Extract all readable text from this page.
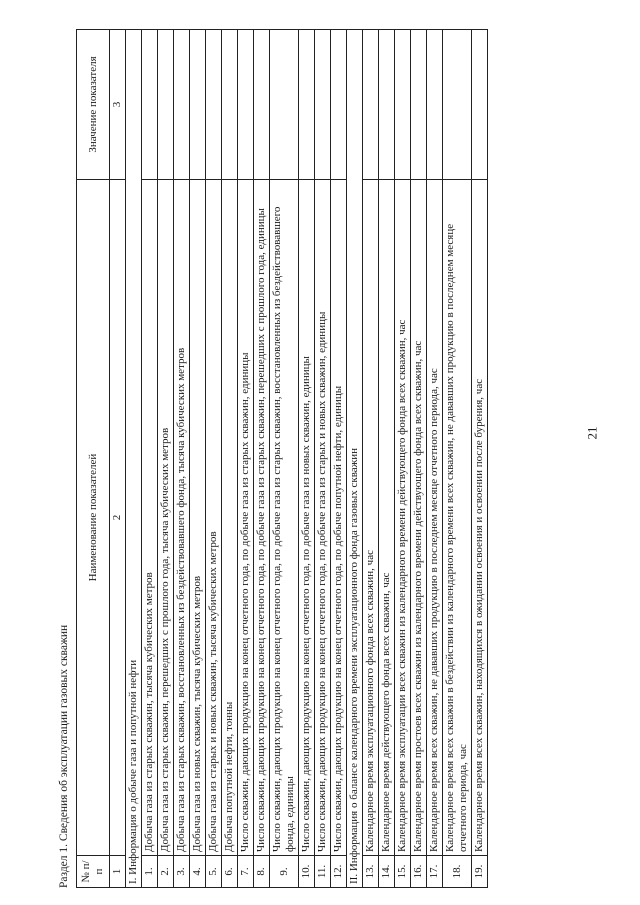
21
Раздел 1. Сведения об эксплуатации газовых скважин № п/п	Наименование показателей	Значение показателя
1	2	3
I. Информация о добыче газа и попутной нефти		
1.	Добыча газа из старых скважин, тысяча кубических метров	
2.	Добыча газа из старых скважин, перешедших с прошлого года, тысяча кубических метров	
3.	Добыча газа из старых скважин, восстановленных из бездействовавшего фонда, тысяча кубических метров	
4.	Добыча газа из новых скважин, тысяча кубических метров	
5.	Добыча газа из старых и новых скважин, тысяча кубических метров	
6.	Добыча попутной нефти, тонны	
7.	Число скважин, дающих продукцию на конец отчетного года, по добыче газа из старых скважин, единицы	
8.	Число скважин, дающих продукцию на конец отчетного года, по добыче газа из старых скважин, перешедших с прошлого года, единицы	
9.	Число скважин, дающих продукцию на конец отчетного года, по добыче газа из старых скважин, восстановленных из бездействовавшего фонда, единицы	
10.	Число скважин, дающих продукцию на конец отчетного года, по добыче газа из новых скважин, единицы	
11.	Число скважин, дающих продукцию на конец отчетного года, по добыче газа из старых и новых скважин, единицы	
12.	Число скважин, дающих продукцию на конец отчетного года, по добыче попутной нефти, единицы	
II. Информация о балансе календарного времени эксплуатационного фонда газовых скважин		
13.	Календарное время эксплуатационного фонда всех скважин, час	
14.	Календарное время действующего фонда всех скважин, час	
15.	Календарное время эксплуатации всех скважин из календарного времени действующего фонда всех скважин, час	
16.	Календарное время простоев всех скважин из календарного времени действующего фонда всех скважин, час	
17.	Календарное время всех скважин, не дававших продукцию в последнем месяце отчетного периода, час	
18.	Календарное время всех скважин в бездействии из календарного времени всех скважин, не дававших продукцию в последнем месяце отчетного периода, час	
19.	Календарное время всех скважин, находящихся в ожидании освоения и освоении после бурения, час	
